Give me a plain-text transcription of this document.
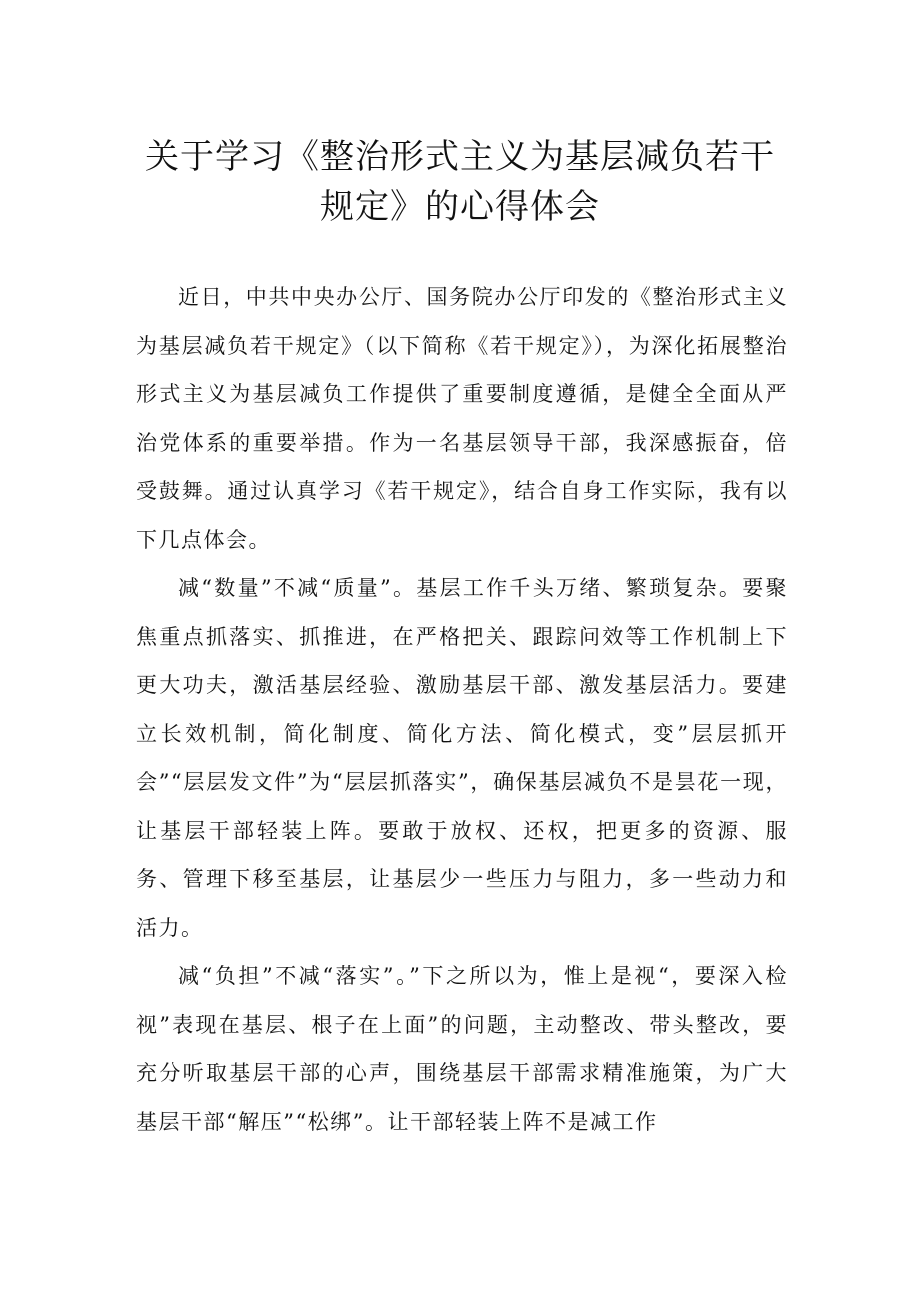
关于学习《整治形式主义为基层减负若干
规定》的心得体会

近日，中共中央办公厅、国务院办公厅印发的《整治形式主义为基层减负若干规定》（以下简称《若干规定》），为深化拓展整治形式主义为基层减负工作提供了重要制度遵循，是健全全面从严治党体系的重要举措。作为一名基层领导干部，我深感振奋，倍受鼓舞。通过认真学习《若干规定》，结合自身工作实际，我有以下几点体会。

减“数量”不减“质量”。基层工作千头万绪、繁琐复杂。要聚焦重点抓落实、抓推进，在严格把关、跟踪问效等工作机制上下更大功夫，激活基层经验、激励基层干部、激发基层活力。要建立长效机制，简化制度、简化方法、简化模式，变”层层抓开会”“层层发文件”为“层层抓落实”，确保基层减负不是昙花一现，让基层干部轻装上阵。要敢于放权、还权，把更多的资源、服务、管理下移至基层，让基层少一些压力与阻力，多一些动力和活力。

减“负担”不减“落实”。”下之所以为，惟上是视“，要深入检视”表现在基层、根子在上面”的问题，主动整改、带头整改，要充分听取基层干部的心声，围绕基层干部需求精准施策，为广大基层干部“解压”“松绑”。让干部轻装上阵不是减工作
